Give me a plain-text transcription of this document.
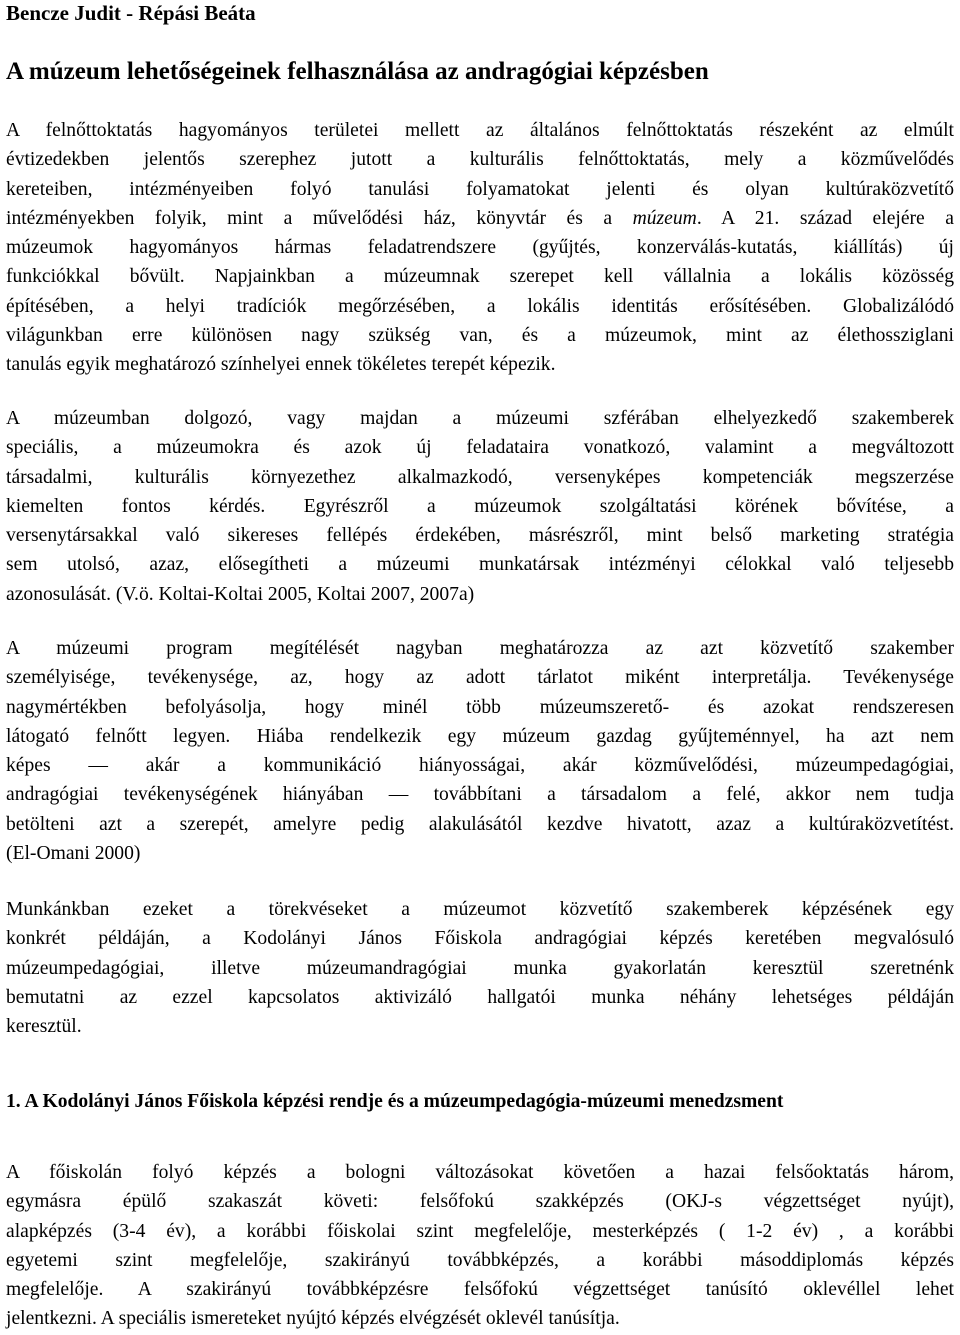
Bencze Judit - Répási Beáta
A múzeum lehetőségeinek felhasználása az andragógiai képzésben
A felnőttoktatás hagyományos területei mellett az általános felnőttoktatás részeként az elmúlt
évtizedekben jelentős szerephez jutott a kulturális felnőttoktatás, mely a közművelődés
kereteiben, intézményeiben folyó tanulási folyamatokat jelenti és olyan kultúraközvetítő
intézményekben folyik, mint a művelődési ház, könyvtár és a múzeum. A 21. század elejére a
múzeumok hagyományos hármas feladatrendszere (gyűjtés, konzerválás-kutatás, kiállítás) új
funkciókkal bővült. Napjainkban a múzeumnak szerepet kell vállalnia a lokális közösség
építésében, a helyi tradíciók megőrzésében, a lokális identitás erősítésében. Globalizálódó
világunkban erre különösen nagy szükség van, és a múzeumok, mint az élethossziglani
tanulás egyik meghatározó színhelyei ennek tökéletes terepét képezik.
A múzeumban dolgozó, vagy majdan a múzeumi szférában elhelyezkedő szakemberek
speciális, a múzeumokra és azok új feladataira vonatkozó, valamint a megváltozott
társadalmi, kulturális környezethez alkalmazkodó, versenyképes kompetenciák megszerzése
kiemelten fontos kérdés. Egyrészről a múzeumok szolgáltatási körének bővítése, a
versenytársakkal való sikereses fellépés érdekében, másrészről, mint belső marketing stratégia
sem utolsó, azaz, elősegítheti a múzeumi munkatársak intézményi célokkal való teljesebb
azonosulását. (V.ö. Koltai-Koltai 2005, Koltai 2007, 2007a)
A múzeumi program megítélését nagyban meghatározza az azt közvetítő szakember
személyisége, tevékenysége, az, hogy az adott tárlatot miként interpretálja. Tevékenysége
nagymértékben befolyásolja, hogy minél több múzeumszerető- és azokat rendszeresen
látogató felnőtt legyen. Hiába rendelkezik egy múzeum gazdag gyűjteménnyel, ha azt nem
képes — akár a kommunikáció hiányosságai, akár közművelődési, múzeumpedagógiai,
andragógiai tevékenységének hiányában — továbbítani a társadalom a felé, akkor nem tudja
betölteni azt a szerepét, amelyre pedig alakulásától kezdve hivatott, azaz a kultúraközvetítést.
(El-Omani 2000)
Munkánkban ezeket a törekvéseket a múzeumot közvetítő szakemberek képzésének egy
konkrét példáján, a Kodolányi János Főiskola andragógiai képzés keretében megvalósuló
múzeumpedagógiai, illetve múzeumandragógiai munka gyakorlatán keresztül szeretnénk
bemutatni az ezzel kapcsolatos aktivizáló hallgatói munka néhány lehetséges példáján
keresztül.
1. A Kodolányi János Főiskola képzési rendje és a múzeumpedagógia-múzeumi menedzsment
A főiskolán folyó képzés a bologni változásokat követően a hazai felsőoktatás három,
egymásra épülő szakaszát követi: felsőfokú szakképzés (OKJ-s végzettséget nyújt),
alapképzés (3-4 év), a korábbi főiskolai szint megfelelője, mesterképzés ( 1-2 év) , a korábbi
egyetemi szint megfelelője, szakirányú továbbképzés, a korábbi másoddiplomás képzés
megfelelője. A szakirányú továbbképzésre felsőfokú végzettséget tanúsító oklevéllel lehet
jelentkezni. A speciális ismereteket nyújtó képzés elvégzését oklevél tanúsítja.
